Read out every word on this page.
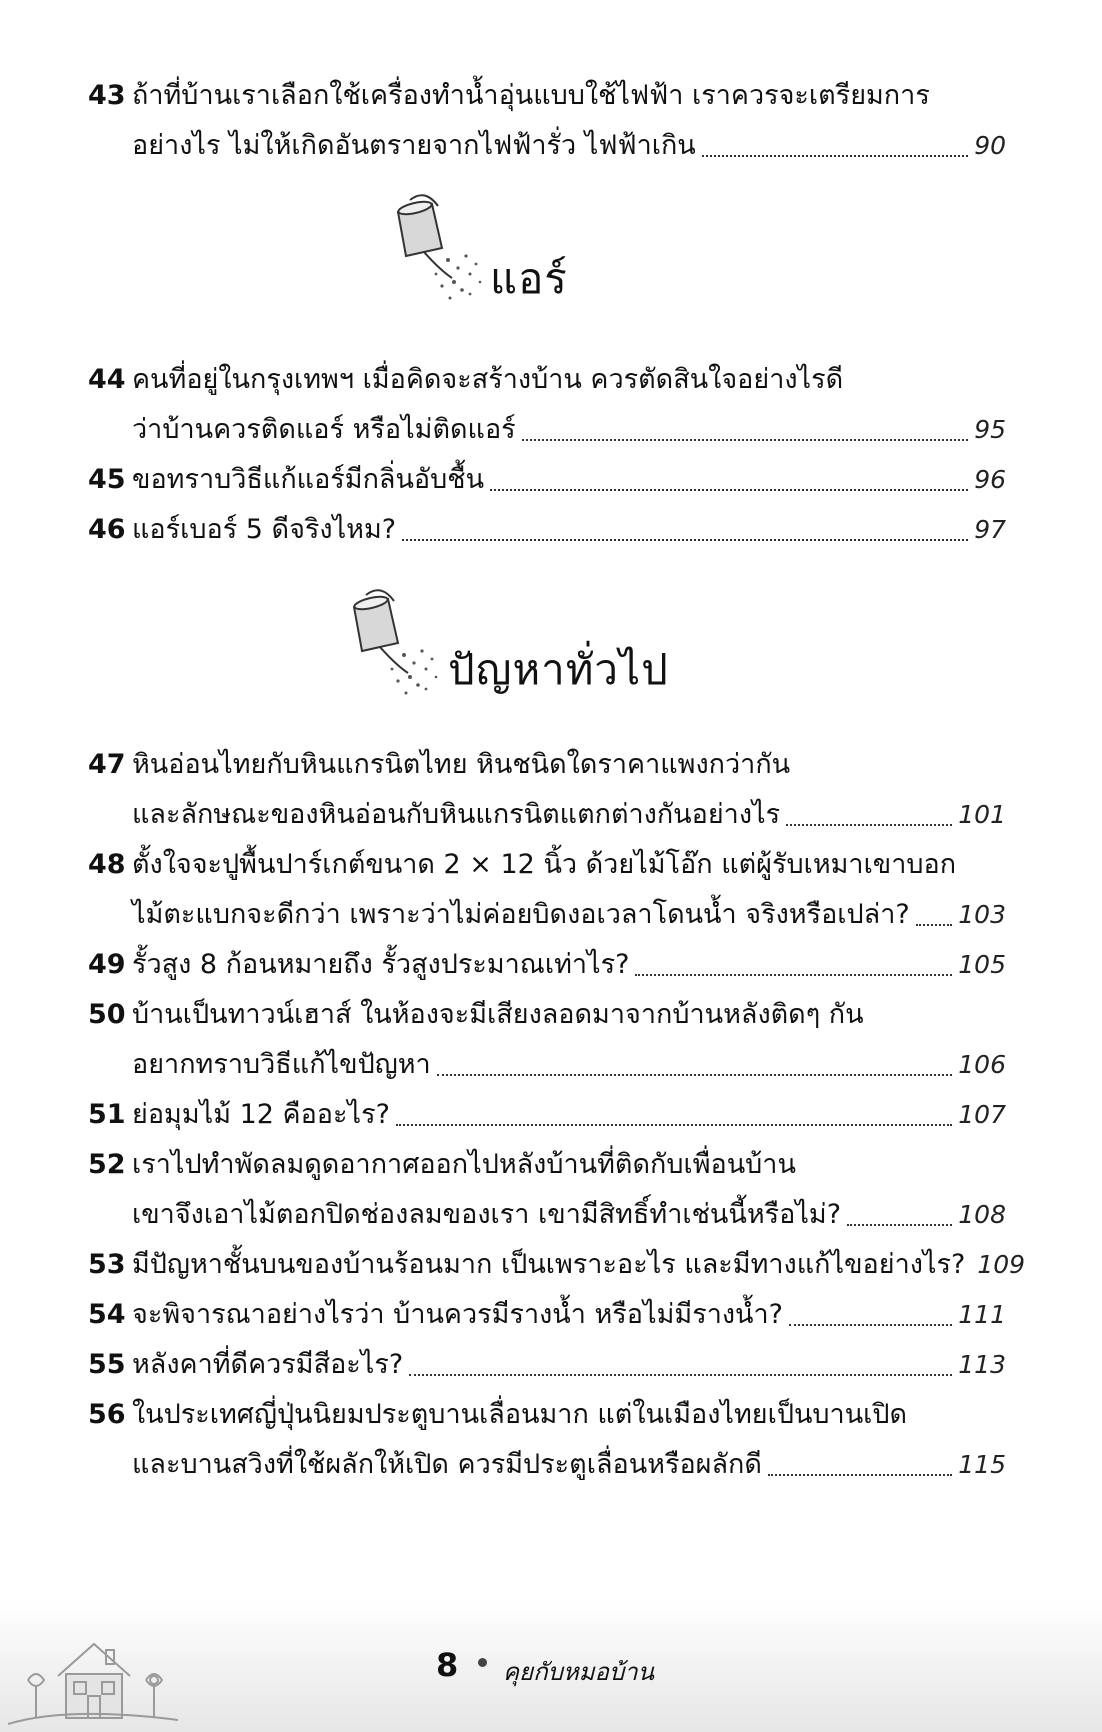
43 ถ้าที่บ้านเราเลือกใช้เครื่องทำน้ำอุ่นแบบใช้ไฟฟ้า เราควรจะเตรียมการ
อย่างไร ไม่ให้เกิดอันตรายจากไฟฟ้ารั่ว ไฟฟ้าเกิน	90
แอร์
44 คนที่อยู่ในกรุงเทพฯ เมื่อคิดจะสร้างบ้าน ควรตัดสินใจอย่างไรดี
ว่าบ้านควรติดแอร์ หรือไม่ติดแอร์	95
45 ขอทราบวิธีแก้แอร์มีกลิ่นอับชื้น	96
46 แอร์เบอร์ 5 ดีจริงไหม?	97
ปัญหาทั่วไป
47 หินอ่อนไทยกับหินแกรนิตไทย หินชนิดใดราคาแพงกว่ากัน
และลักษณะของหินอ่อนกับหินแกรนิตแตกต่างกันอย่างไร	101
48 ตั้งใจจะปูพื้นปาร์เกต์ขนาด 2 × 12 นิ้ว ด้วยไม้โอ๊ก แต่ผู้รับเหมาเขาบอก
ไม้ตะแบกจะดีกว่า เพราะว่าไม่ค่อยบิดงอเวลาโดนน้ำ จริงหรือเปล่า? 103
49 รั้วสูง 8 ก้อนหมายถึง รั้วสูงประมาณเท่าไร?	105
50 บ้านเป็นทาวน์เฮาส์ ในห้องจะมีเสียงลอดมาจากบ้านหลังติดๆ กัน
อยากทราบวิธีแก้ไขปัญหา	106
51 ย่อมุมไม้ 12 คืออะไร?	107
52 เราไปทำพัดลมดูดอากาศออกไปหลังบ้านที่ติดกับเพื่อนบ้าน
เขาจึงเอาไม้ตอกปิดช่องลมของเรา เขามีสิทธิ์ทำเช่นนี้หรือไม่?	108
53 มีปัญหาชั้นบนของบ้านร้อนมาก เป็นเพราะอะไร และมีทางแก้ไขอย่างไร? 109
54 จะพิจารณาอย่างไรว่า บ้านควรมีรางน้ำ หรือไม่มีรางน้ำ?	111
55 หลังคาที่ดีควรมีสีอะไร?	113
56 ในประเทศญี่ปุ่นนิยมประตูบานเลื่อนมาก แต่ในเมืองไทยเป็นบานเปิด
และบานสวิงที่ใช้ผลักให้เปิด ควรมีประตูเลื่อนหรือผลักดี	115
8 คุยกับหมอบ้าน
